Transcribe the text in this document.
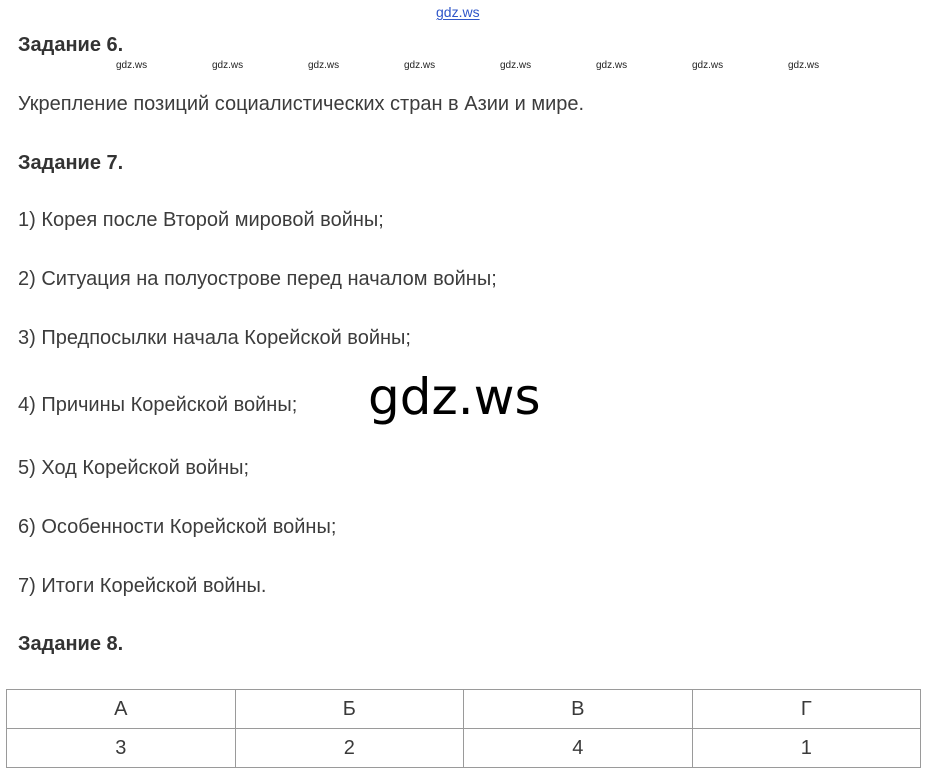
gdz.ws
Задание 6.
gdz.ws	gdz.ws	gdz.ws	gdz.ws	gdz.ws	gdz.ws	gdz.ws	gdz.ws
Укрепление позиций социалистических стран в Азии и мире.
Задание 7.
1) Корея после Второй мировой войны;
2) Ситуация на полуострове перед началом войны;
3) Предпосылки начала Корейской войны;
4) Причины Корейской войны;
5) Ход Корейской войны;
6) Особенности Корейской войны;
7) Итоги Корейской войны.
gdz.ws
Задание 8.
А	Б	В	Г
3	2	4	1
